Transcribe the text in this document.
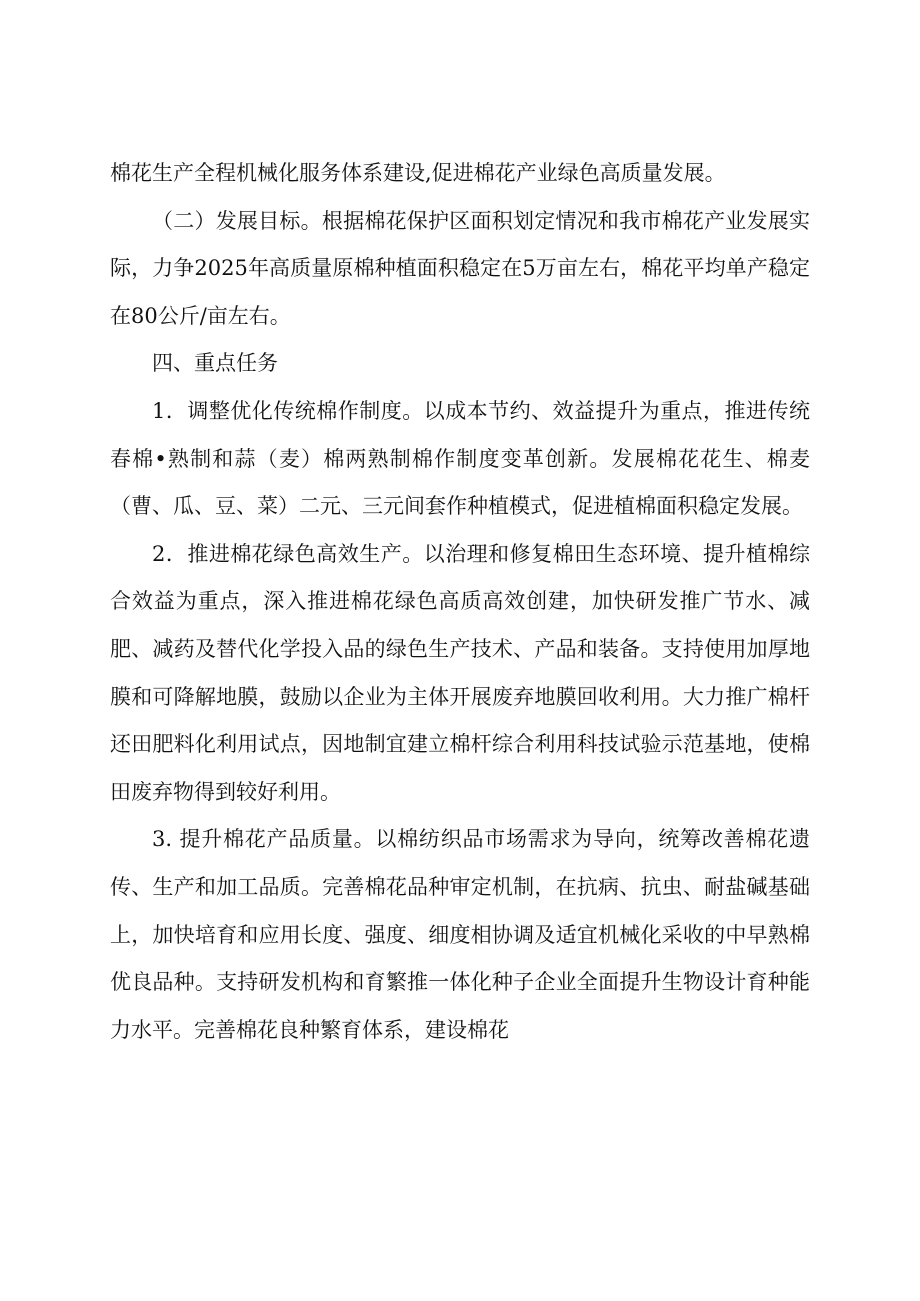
棉花生产全程机械化服务体系建设,促进棉花产业绿色高质量发展。

（二）发展目标。根据棉花保护区面积划定情况和我市棉花产业发展实际，力争2025年高质量原棉种植面积稳定在5万亩左右，棉花平均单产稳定在80公斤/亩左右。

四、重点任务

1．调整优化传统棉作制度。以成本节约、效益提升为重点，推进传统春棉•熟制和蒜（麦）棉两熟制棉作制度变革创新。发展棉花花生、棉麦（曹、瓜、豆、菜）二元、三元间套作种植模式，促进植棉面积稳定发展。

2．推进棉花绿色高效生产。以治理和修复棉田生态环境、提升植棉综合效益为重点，深入推进棉花绿色高质高效创建，加快研发推广节水、减肥、减药及替代化学投入品的绿色生产技术、产品和装备。支持使用加厚地膜和可降解地膜，鼓励以企业为主体开展废弃地膜回收利用。大力推广棉杆还田肥料化利用试点，因地制宜建立棉杆综合利用科技试验示范基地，使棉田废弃物得到较好利用。

3. 提升棉花产品质量。以棉纺织品市场需求为导向，统筹改善棉花遗传、生产和加工品质。完善棉花品种审定机制，在抗病、抗虫、耐盐碱基础上，加快培育和应用长度、强度、细度相协调及适宜机械化采收的中早熟棉优良品种。支持研发机构和育繁推一体化种子企业全面提升生物设计育种能力水平。完善棉花良种繁育体系，建设棉花
